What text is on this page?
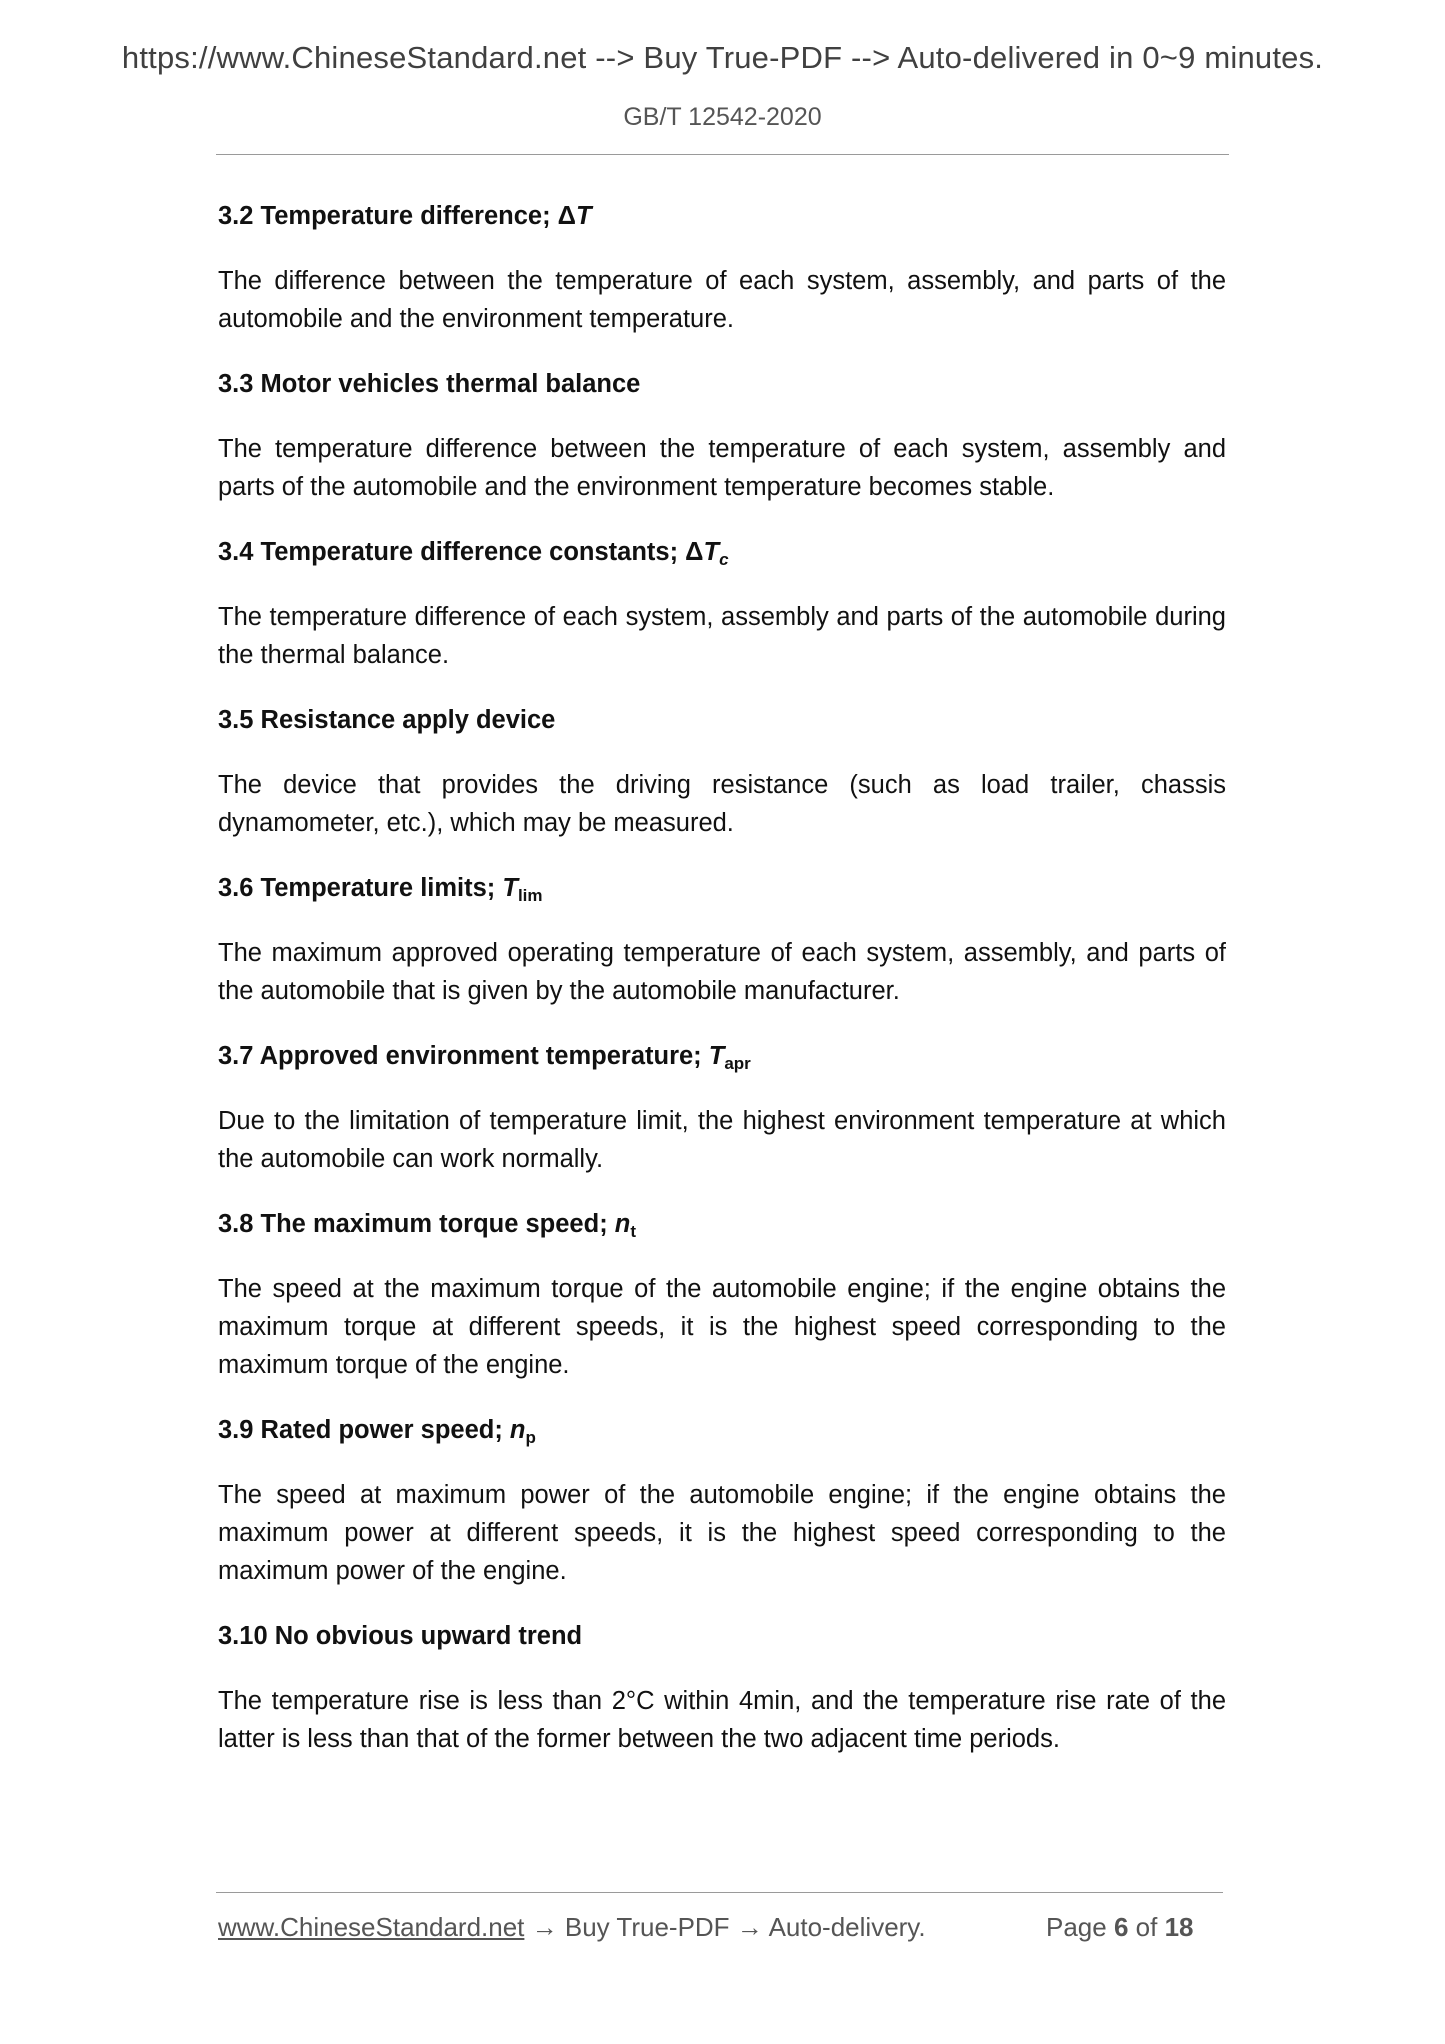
https://www.ChineseStandard.net --> Buy True-PDF --> Auto-delivered in 0~9 minutes.
GB/T 12542-2020

3.2 Temperature difference; ΔT

The difference between the temperature of each system, assembly, and parts of the automobile and the environment temperature.

3.3 Motor vehicles thermal balance

The temperature difference between the temperature of each system, assembly and parts of the automobile and the environment temperature becomes stable.

3.4 Temperature difference constants; $\Delta T_c$

The temperature difference of each system, assembly and parts of the automobile during the thermal balance.

3.5 Resistance apply device

The device that provides the driving resistance (such as load trailer, chassis dynamometer, etc.), which may be measured.

3.6 Temperature limits; $T_{lim}$

The maximum approved operating temperature of each system, assembly, and parts of the automobile that is given by the automobile manufacturer.

3.7 Approved environment temperature; $T_{apr}$

Due to the limitation of temperature limit, the highest environment temperature at which the automobile can work normally.

3.8 The maximum torque speed; $n_t$

The speed at the maximum torque of the automobile engine; if the engine obtains the maximum torque at different speeds, it is the highest speed corresponding to the maximum torque of the engine.

3.9 Rated power speed; $n_p$

The speed at maximum power of the automobile engine; if the engine obtains the maximum power at different speeds, it is the highest speed corresponding to the maximum power of the engine.

3.10 No obvious upward trend

The temperature rise is less than 2°C within 4min, and the temperature rise rate of the latter is less than that of the former between the two adjacent time periods.

www.ChineseStandard.net → Buy True-PDF → Auto-delivery.	Page 6 of 18
